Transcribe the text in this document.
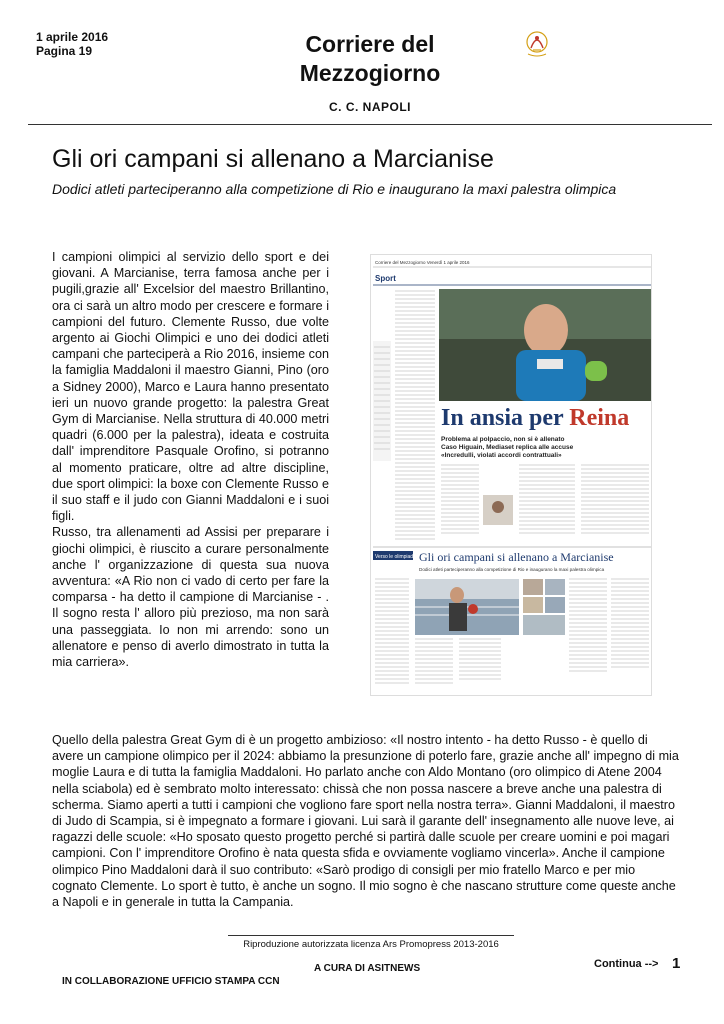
1 aprile 2016
Pagina 19	Corriere del
Mezzogiorno
C. C. NAPOLI
Gli ori campani si allenano a Marcianise
Dodici atleti parteciperanno alla competizione di Rio e inaugurano la maxi palestra olimpica

I campioni olimpici al servizio dello sport e dei giovani. A Marcianise, terra famosa anche per i pugili,grazie all' Excelsior del maestro Brillantino, ora ci sarà un altro modo per crescere e formare i campioni del futuro. Clemente Russo, due volte argento ai Giochi Olimpici e uno dei dodici atleti campani che parteciperà a Rio 2016, insieme con la famiglia Maddaloni il maestro Gianni, Pino (oro a Sidney 2000), Marco e Laura hanno presentato ieri un nuovo grande progetto: la palestra Great Gym di Marcianise. Nella struttura di 40.000 metri quadri (6.000 per la palestra), ideata e costruita dall' imprenditore Pasquale Orofino, si potranno al momento praticare, oltre ad altre discipline, due sport olimpici: la boxe con Clemente Russo e il suo staff e il judo con Gianni Maddaloni e i suoi figli.

Russo, tra allenamenti ad Assisi per preparare i giochi olimpici, è riuscito a curare personalmente anche l' organizzazione di questa sua nuova avventura: «A Rio non ci vado di certo per fare la comparsa - ha detto il campione di Marcianise - . Il sogno resta l' alloro più prezioso, ma non sarà una passeggiata. Io non mi arrendo: sono un allenatore e penso di averlo dimostrato in tutta la mia carriera».

Corriere del Mezzogiorno Venerdì 1 aprile 2016
Sport
In ansia per Reina
Problema al polpaccio, non si è allenato
Caso Higuain, Mediaset replica alle accuse
«Incredulli, violati accordi contrattuali»
Verso le olimpiadi Gli ori campani si allenano a Marcianise
Dodici atleti parteciperanno alla competizione di Rio e inaugurano la maxi palestra olimpica
Quello della palestra Great Gym di è un progetto ambizioso: «Il nostro intento - ha detto Russo - è quello di avere un campione olimpico per il 2024: abbiamo la presunzione di poterlo fare, grazie anche all' impegno di mia moglie Laura e di tutta la famiglia Maddaloni. Ho parlato anche con Aldo Montano (oro olimpico di Atene 2004 nella sciabola) ed è sembrato molto interessato: chissà che non possa nascere a breve anche una palestra di scherma. Siamo aperti a tutti i campioni che vogliono fare sport nella nostra terra». Gianni Maddaloni, il maestro di Judo di Scampia, si è impegnato a formare i giovani. Lui sarà il garante dell' insegnamento alle nuove leve, ai ragazzi delle scuole: «Ho sposato questo progetto perché si partirà dalle scuole per creare uomini e poi magari campioni. Con l' imprenditore Orofino è nata questa sfida e ovviamente vogliamo vincerla». Anche il campione olimpico Pino Maddaloni darà il suo contributo: «Sarò prodigo di consigli per mio fratello Marco e per mio cognato Clemente. Lo sport è tutto, è anche un sogno. Il mio sogno è che nascano strutture come queste anche a Napoli e in generale in tutta la Campania.
Riproduzione autorizzata licenza Ars Promopress 2013-2016
A CURA DI ASITNEWS	Continua --> 1
IN COLLABORAZIONE UFFICIO STAMPA CCN
